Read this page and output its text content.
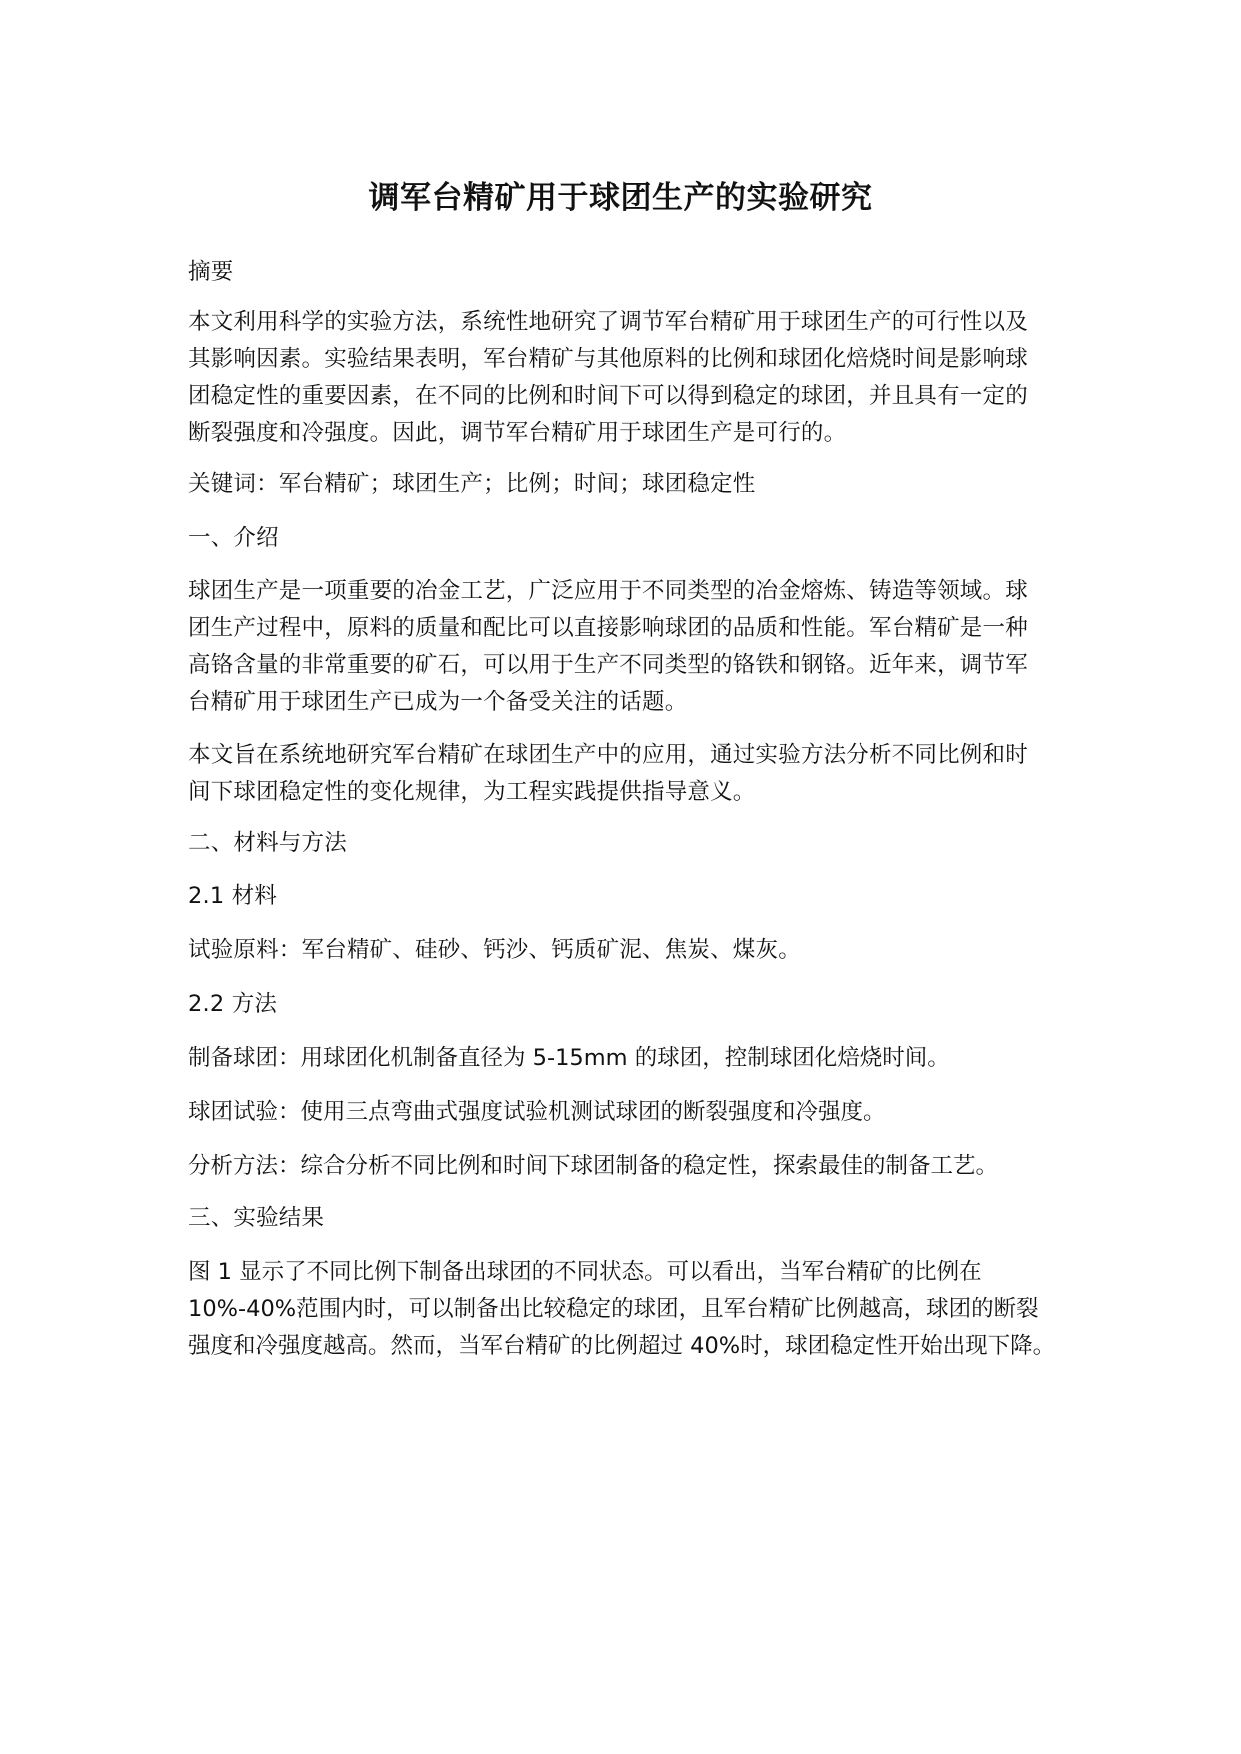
调军台精矿用于球团生产的实验研究

摘要

本文利用科学的实验方法，系统性地研究了调节军台精矿用于球团生产的可行性以及

其影响因素。实验结果表明，军台精矿与其他原料的比例和球团化焙烧时间是影响球

团稳定性的重要因素，在不同的比例和时间下可以得到稳定的球团，并且具有一定的

断裂强度和冷强度。因此，调节军台精矿用于球团生产是可行的。

关键词：军台精矿；球团生产；比例；时间；球团稳定性

一、介绍

球团生产是一项重要的冶金工艺，广泛应用于不同类型的冶金熔炼、铸造等领域。球

团生产过程中，原料的质量和配比可以直接影响球团的品质和性能。军台精矿是一种

高铬含量的非常重要的矿石，可以用于生产不同类型的铬铁和钢铬。近年来，调节军

台精矿用于球团生产已成为一个备受关注的话题。

本文旨在系统地研究军台精矿在球团生产中的应用，通过实验方法分析不同比例和时

间下球团稳定性的变化规律，为工程实践提供指导意义。

二、材料与方法

2.1 材料

试验原料：军台精矿、硅砂、钙沙、钙质矿泥、焦炭、煤灰。

2.2 方法

制备球团：用球团化机制备直径为 5-15mm 的球团，控制球团化焙烧时间。

球团试验：使用三点弯曲式强度试验机测试球团的断裂强度和冷强度。

分析方法：综合分析不同比例和时间下球团制备的稳定性，探索最佳的制备工艺。

三、实验结果

图 1 显示了不同比例下制备出球团的不同状态。可以看出，当军台精矿的比例在

10%-40%范围内时，可以制备出比较稳定的球团，且军台精矿比例越高，球团的断裂

强度和冷强度越高。然而，当军台精矿的比例超过 40%时，球团稳定性开始出现下降。
